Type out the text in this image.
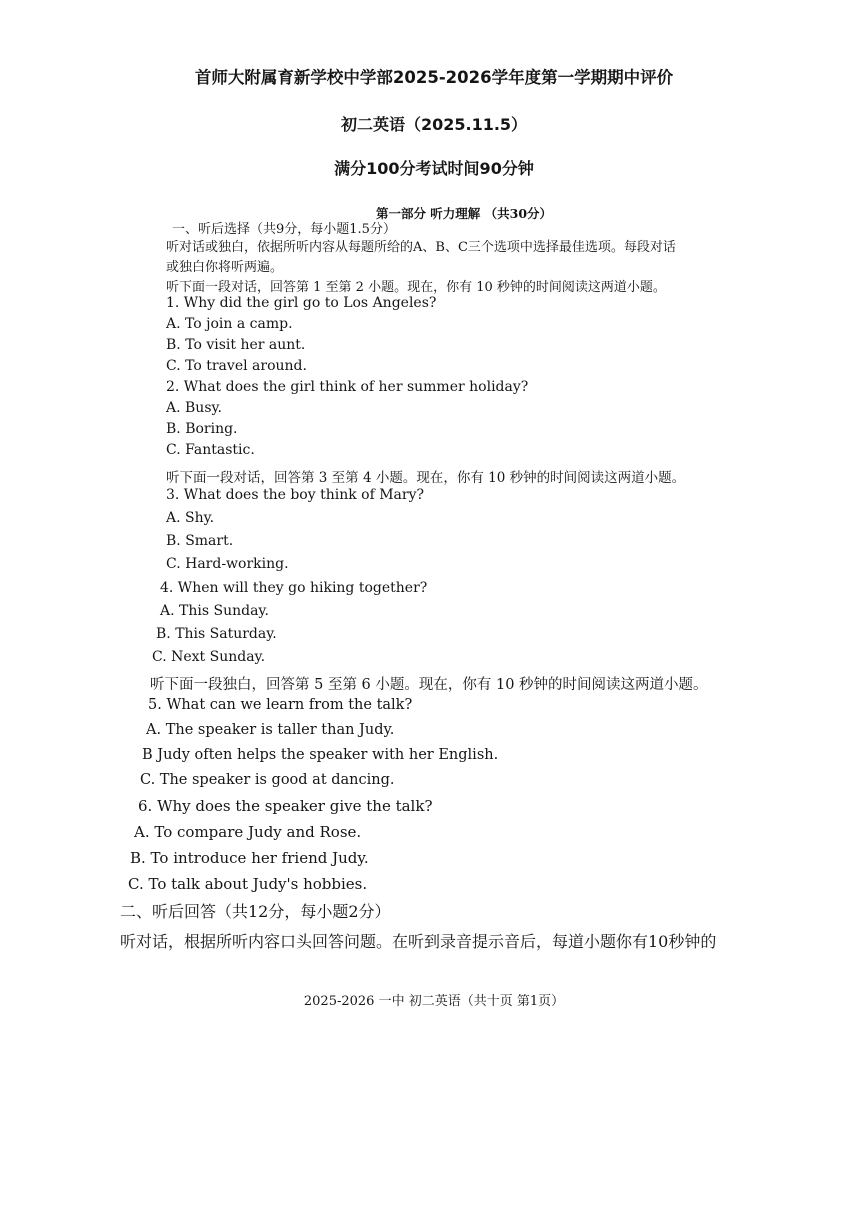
首师大附属育新学校中学部2025-2026学年度第一学期期中评价
初二英语（2025.11.5）
满分100分考试时间90分钟
第一部分 听力理解 （共30分）
一、听后选择（共9分，每小题1.5分）
听对话或独白，依据所听内容从每题所给的A、B、C三个选项中选择最佳选项。每段对话
或独白你将听两遍。
听下面一段对话，回答第 1 至第 2 小题。现在，你有 10 秒钟的时间阅读这两道小题。
1. Why did the girl go to Los Angeles?
A. To join a camp.
B. To visit her aunt.
C. To travel around.
2. What does the girl think of her summer holiday?
A. Busy.
B. Boring.
C. Fantastic.
听下面一段对话，回答第 3 至第 4 小题。现在，你有 10 秒钟的时间阅读这两道小题。
3. What does the boy think of Mary?
A. Shy.
B. Smart.
C. Hard-working.
4. When will they go hiking together?
A. This Sunday.
B. This Saturday.
C. Next Sunday.
听下面一段独白，回答第 5 至第 6 小题。现在，你有 10 秒钟的时间阅读这两道小题。
5. What can we learn from the talk?
A. The speaker is taller than Judy.
B Judy often helps the speaker with her English.
C. The speaker is good at dancing.
6. Why does the speaker give the talk?
A. To compare Judy and Rose.
B. To introduce her friend Judy.
C. To talk about Judy's hobbies.
二、听后回答（共12分，每小题2分）
听对话，根据所听内容口头回答问题。在听到录音提示音后，每道小题你有10秒钟的
2025-2026 一中 初二英语（共十页 第1页）
